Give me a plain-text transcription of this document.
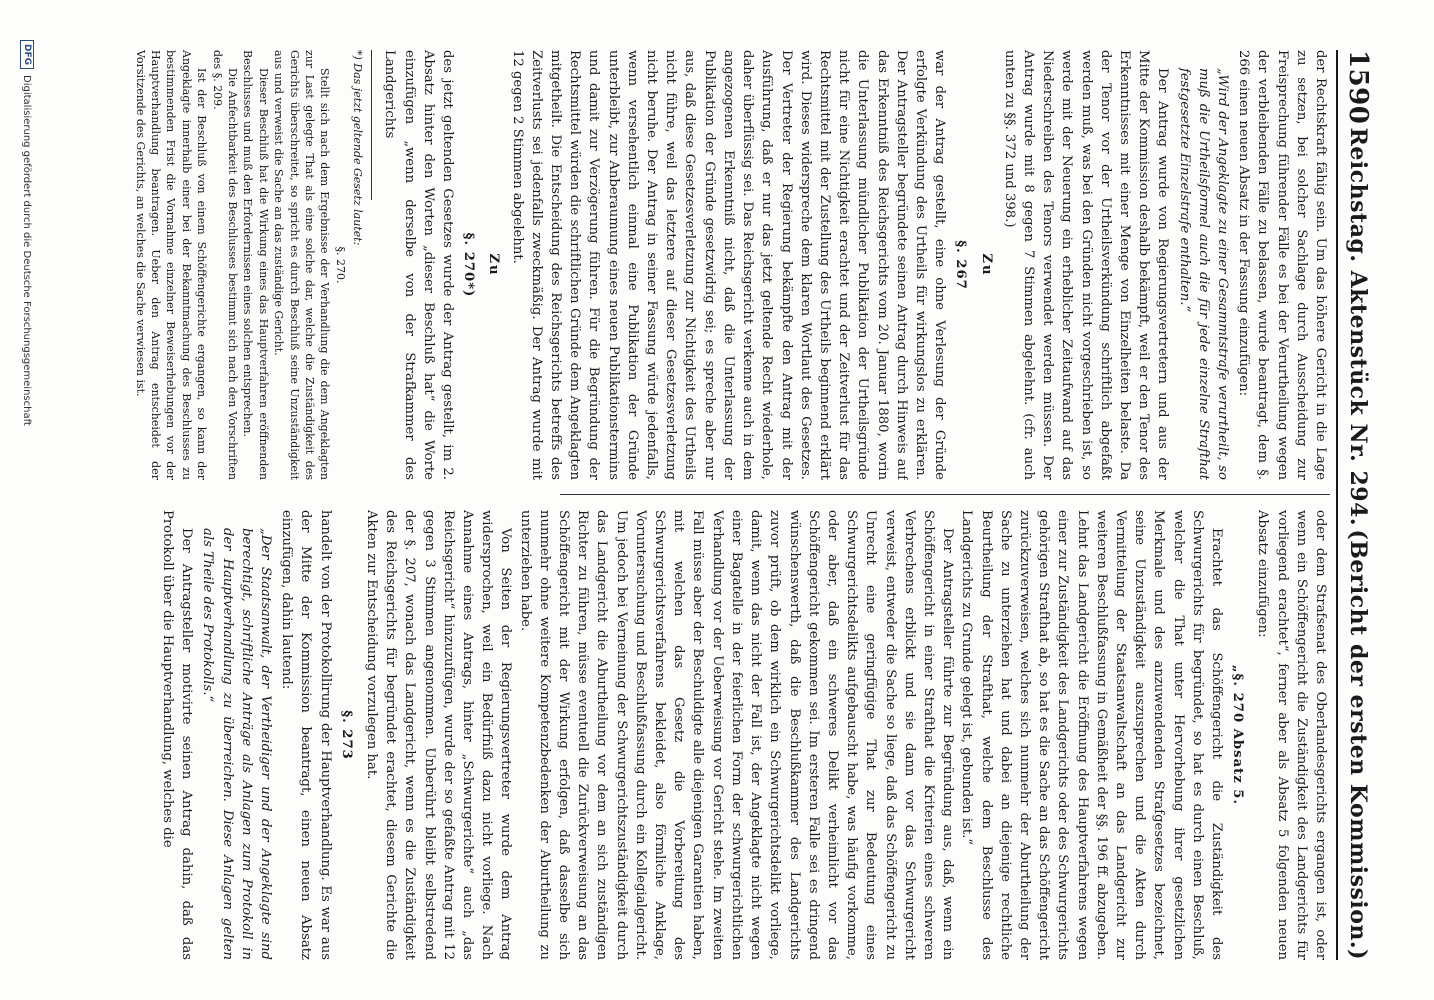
1590
Reichstag. Aktenstück Nr. 294.
(Bericht der ersten Kommission.)

der Rechtskraft fähig sein. Um das höhere Gericht in die Lage zu setzen, bei solcher Sachlage durch Ausscheidung zur Freisprechung führender Fälle es bei der Verurtheilung wegen der verbleibenden Fälle zu belassen, wurde beantragt, dem §. 266 einen neuen Absatz in der Fassung einzufügen:

„Wird der Angeklagte zu einer Gesammtstrafe verurtheilt, so muß die Urtheilsformel auch die für jede einzelne Strafthat festgesetzte Einzelstrafe enthalten.“

Der Antrag wurde von Regierungsvertretern und aus der Mitte der Kommission deshalb bekämpft, weil er den Tenor des Erkenntnisses mit einer Menge von Einzelheiten belaste. Da der Tenor vor der Urtheilsverkündung schriftlich abgefaßt werden muß, was bei den Gründen nicht vorgeschrieben ist, so werde mit der Neuerung ein erheblicher Zeitaufwand auf das Niederschreiben des Tenors verwendet werden müssen. Der Antrag wurde mit 8 gegen 7 Stimmen abgelehnt. (cfr. auch unten zu §§. 372 und 398.)

Zu

§. 267

war der Antrag gestellt, eine ohne Verlesung der Gründe erfolgte Verkündung des Urtheils für wirkungslos zu erklären. Der Antragsteller begründete seinen Antrag durch Hinweis auf das Erkenntniß des Reichsgerichts vom 20. Januar 1880, worin die Unterlassung mündlicher Publikation der Urtheilsgründe nicht für eine Nichtigkeit erachtet und der Zeitverlust für das Rechtsmittel mit der Zustellung des Urtheils beginnend erklärt wird. Dieses widerspreche dem klaren Wortlaut des Gesetzes. Der Vertreter der Regierung bekämpfte den Antrag mit der Ausführung, daß er nur das jetzt geltende Recht wiederhole, daher überflüssig sei. Das Reichsgericht verkenne auch in dem angezogenen Erkenntniß nicht, daß die Unterlassung der Publikation der Gründe gesetzwidrig sei; es spreche aber nur aus, daß diese Gesetzesverletzung zur Nichtigkeit des Urtheils nicht führe, weil das letztere auf dieser Gesetzesverletzung nicht beruhe. Der Antrag in seiner Fassung würde jedenfalls, wenn versehentlich einmal eine Publikation der Gründe unterbleibt, zur Anberaumung eines neuen Publikationstermins und damit zur Verzögerung führen. Für die Begründung der Rechtsmittel würden die schriftlichen Gründe dem Angeklagten mitgetheilt. Die Entscheidung des Reichsgerichts betreffs des Zeitverlusts sei jedenfalls zweckmäßig. Der Antrag wurde mit 12 gegen 2 Stimmen abgelehnt.

Zu

§. 270*)

des jetzt geltenden Gesetzes wurde der Antrag gestellt, im 2. Absatz hinter den Worten „dieser Beschluß hat“ die Worte einzufügen „wenn derselbe von der Strafkammer des Landgerichts

*) Das jetzt geltende Gesetz lautet:

§. 270.

Stellt sich nach dem Ergebnisse der Verhandlung die dem Angeklagten zur Last gelegte That als eine solche dar, welche die Zuständigkeit des Gerichts überschreitet, so spricht es durch Beschluß seine Unzuständigkeit aus und verweist die Sache an das zuständige Gericht.

Dieser Beschluß hat die Wirkung eines das Hauptverfahren eröffnenden Beschlusses und muß den Erfordernissen eines solchen entsprechen.

Die Anfechtbarkeit des Beschlusses bestimmt sich nach den Vorschriften des §. 209.

Ist der Beschluß von einem Schöffengerichte ergangen, so kann der Angeklagte innerhalb einer bei der Bekanntmachung des Beschlusses zu bestimmenden Frist die Vornahme einzelner Beweiserhebungen vor der Hauptverhandlung beantragen. Ueber den Antrag entscheidet der Vorsitzende des Gerichts, an welches die Sache verwiesen ist.

oder dem Strafsenat des Oberlandesgerichts ergangen ist, oder wenn ein Schöffengericht die Zuständigkeit des Landgerichts für vorliegend erachtet“, ferner aber als Absatz 5 folgenden neuen Absatz einzufügen:

„§. 270 Absatz 5.

Erachtet das Schöffengericht die Zuständigkeit des Schwurgerichts für begründet, so hat es durch einen Beschluß, welcher die That unter Hervorhebung ihrer gesetzlichen Merkmale und des anzuwendenden Strafgesetzes bezeichnet, seine Unzuständigkeit auszusprechen und die Akten durch Vermittelung der Staatsanwaltschaft an das Landgericht zur weiteren Beschlußfassung in Gemäßheit der §§. 196 ff. abzugeben. Lehnt das Landgericht die Eröffnung des Hauptverfahrens wegen einer zur Zuständigkeit des Landgerichts oder des Schwurgerichts gehörigen Strafthat ab, so hat es die Sache an das Schöffengericht zurückzuverweisen, welches sich nunmehr der Aburtheilung der Sache zu unterziehen hat und dabei an diejenige rechtliche Beurtheilung der Strafthat, welche dem Beschlusse des Landgerichts zu Grunde gelegt ist, gebunden ist.“

Der Antragsteller führte zur Begründung aus, daß, wenn ein Schöffengericht in einer Strafthat die Kriterien eines schweren Verbrechens erblickt und sie dann vor das Schwurgericht verweist, entweder die Sache so liege, daß das Schöffengericht zu Unrecht eine geringfügige That zur Bedeutung eines Schwurgerichtsdelikts aufgebauscht habe, was häufig vorkomme, oder aber, daß ein schweres Delikt verheimlicht vor das Schöffengericht gekommen sei. Im ersteren Falle sei es dringend wünschenswerth, daß die Beschlußkammer des Landgerichts zuvor prüft, ob dem wirklich ein Schwurgerichtsdelikt vorliege, damit, wenn das nicht der Fall ist, der Angeklagte nicht wegen einer Bagatelle in der feierlichen Form der schwurgerichtlichen Verhandlung vor der Ueberweisung vor Gericht stehe. Im zweiten Fall müsse aber der Beschuldigte alle diejenigen Garantien haben, mit welchen das Gesetz die Vorbereitung des Schwurgerichtsverfahrens bekleidet, also förmliche Anklage, Voruntersuchung und Beschlußfassung durch ein Kollegialgericht. Um jedoch bei Verneinung der Schwurgerichtszuständigkeit durch das Landgericht die Aburtheilung vor dem an sich zuständigen Richter zu führen, müsse eventuell die Zurückverweisung an das Schöffengericht mit der Wirkung erfolgen, daß dasselbe sich nunmehr ohne weitere Kompetenzbedenken der Aburtheilung zu unterziehen habe.

Von Seiten der Regierungsvertreter wurde dem Antrag widersprochen, weil ein Bedürfniß dazu nicht vorliege. Nach Annahme eines Antrags, hinter „Schwurgerichte“ auch „das Reichsgericht“ hinzuzufügen, wurde der so gefaßte Antrag mit 12 gegen 3 Stimmen angenommen. Unberührt bleibt selbstredend der §. 207, wonach das Landgericht, wenn es die Zuständigkeit des Reichsgerichts für begründet erachtet, diesem Gerichte die Akten zur Entscheidung vorzulegen hat.

§. 273

handelt von der Protokollirung der Hauptverhandlung. Es war aus der Mitte der Kommission beantragt, einen neuen Absatz einzufügen, dahin lautend:

„Der Staatsanwalt, der Vertheidiger und der Angeklagte sind berechtigt, schriftliche Anträge als Anlagen zum Protokoll in der Hauptverhandlung zu überreichen. Diese Anlagen gelten als Theile des Protokolls.“

Der Antragsteller motivirte seinen Antrag dahin, daß das Protokoll über die Hauptverhandlung, welches die

DFG
Digitalisierung gefördert durch die Deutsche Forschungsgemeinschaft
